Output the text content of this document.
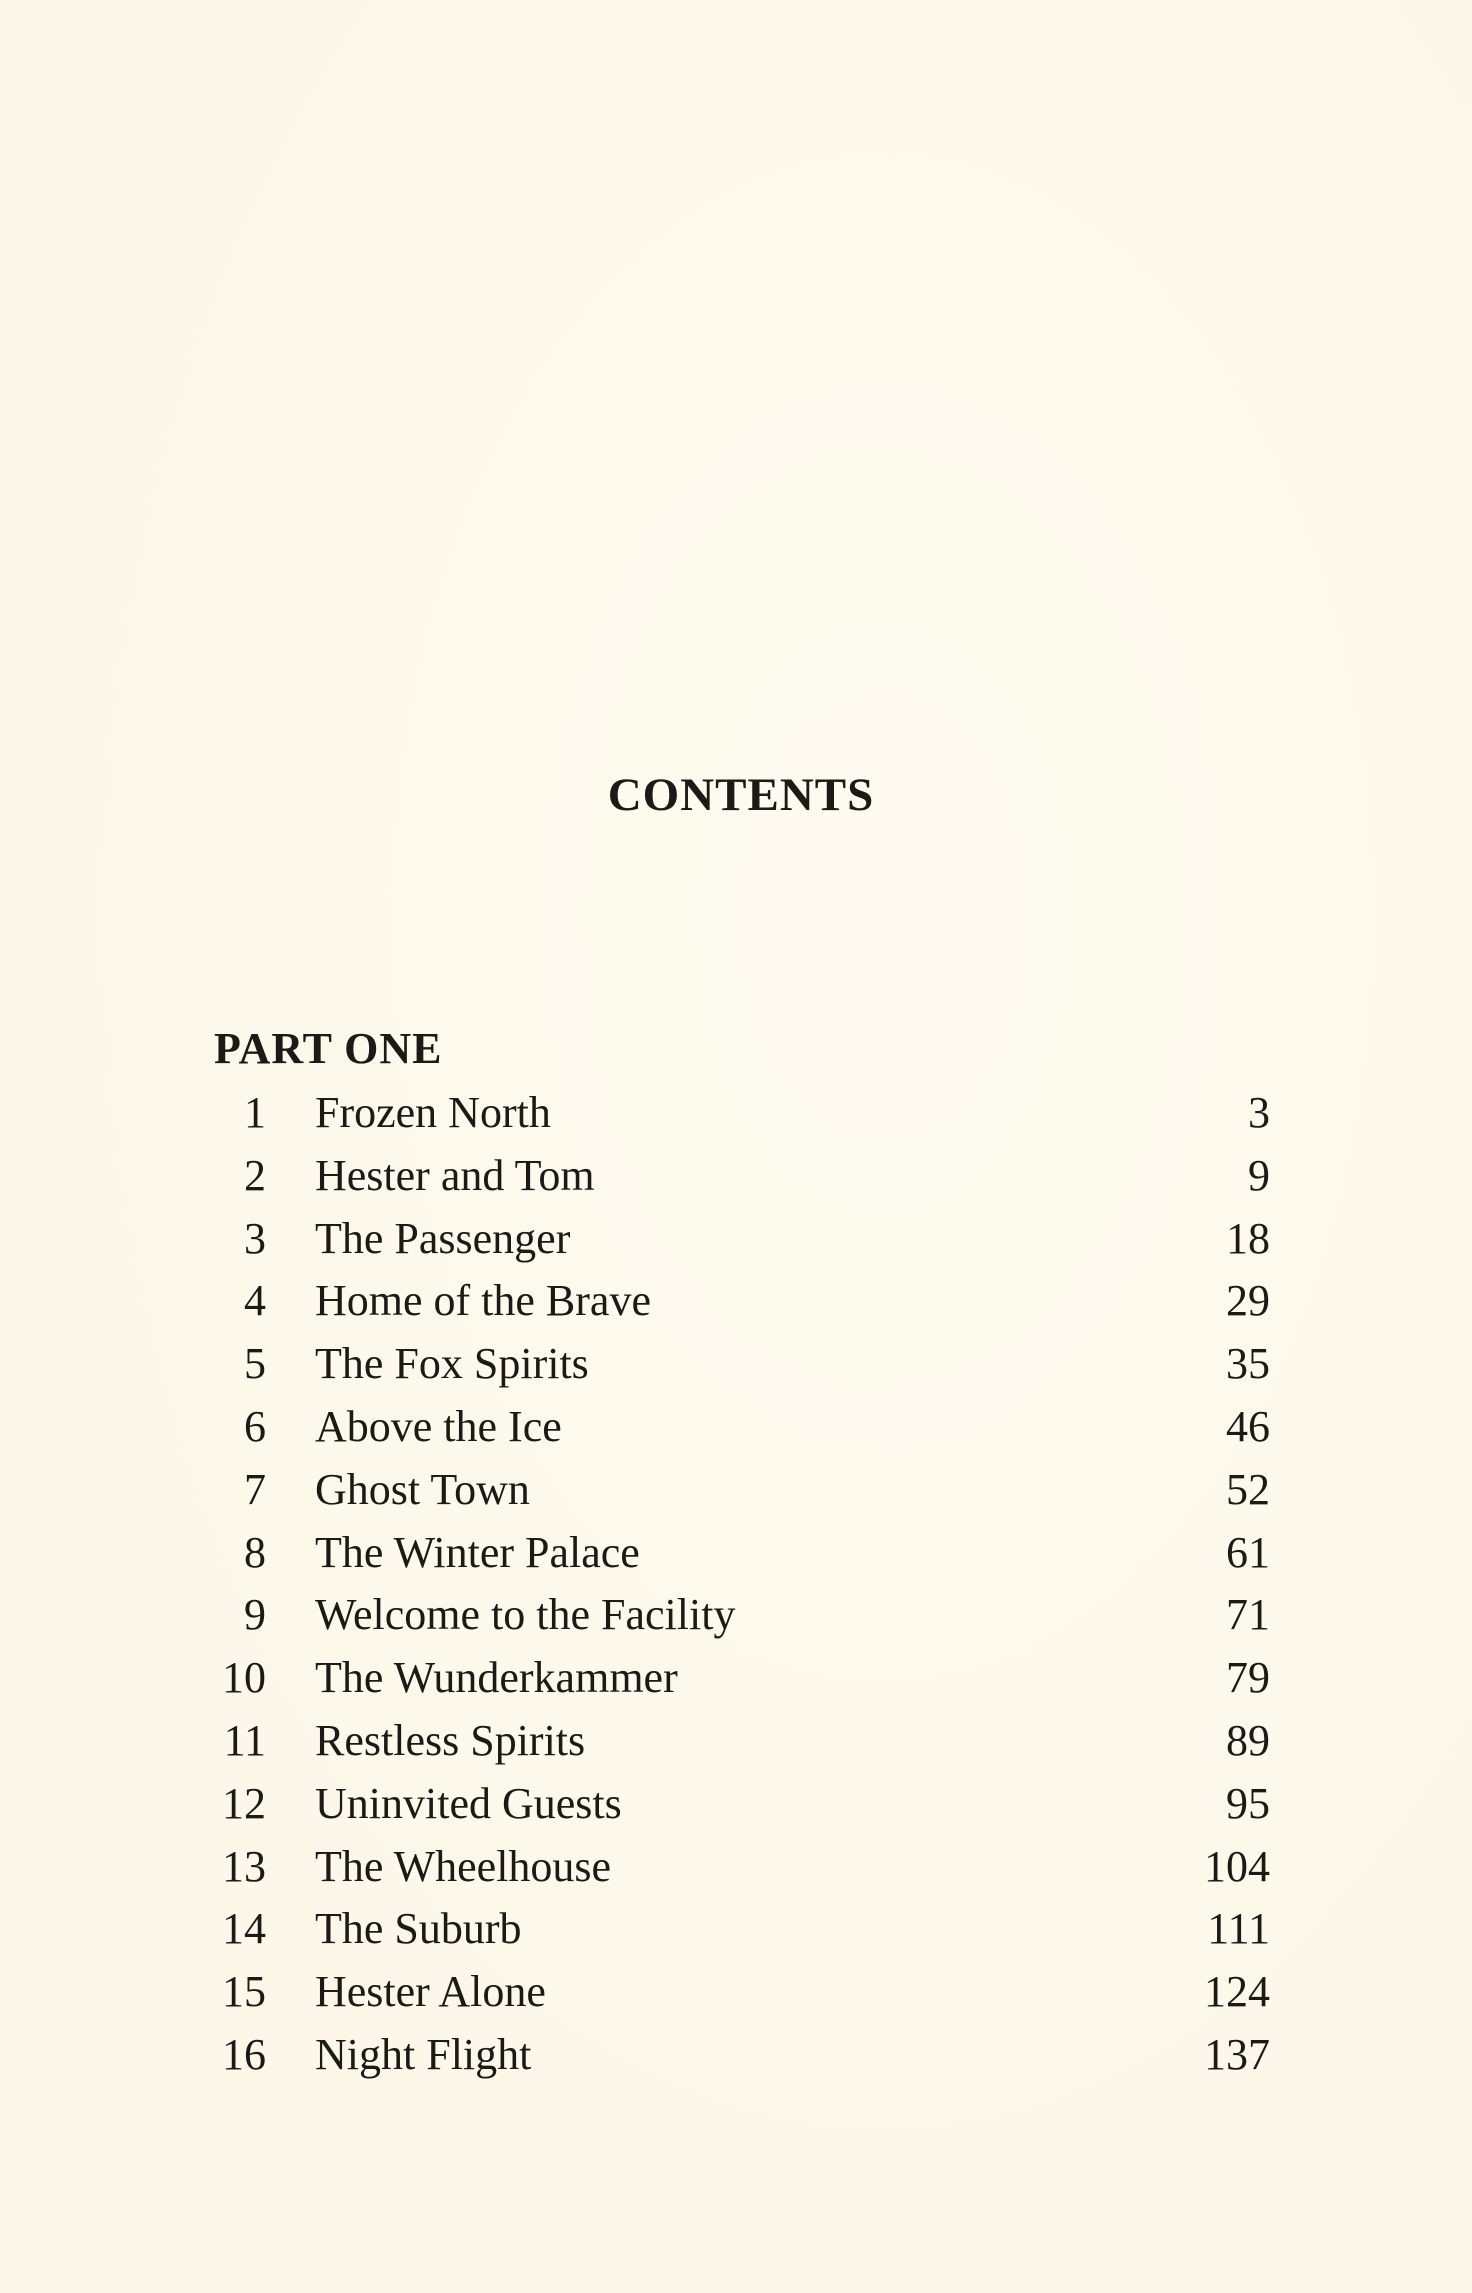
CONTENTS
PART ONE
1 Frozen North	3
2 Hester and Tom	9
3 The Passenger	18
4 Home of the Brave	29
5 The Fox Spirits	35
6 Above the Ice	46
7 Ghost Town	52
8 The Winter Palace	61
9 Welcome to the Facility	71
10 The Wunderkammer	79
11 Restless Spirits	89
12 Uninvited Guests	95
13 The Wheelhouse	104
14 The Suburb	111
15 Hester Alone	124
16 Night Flight	137
